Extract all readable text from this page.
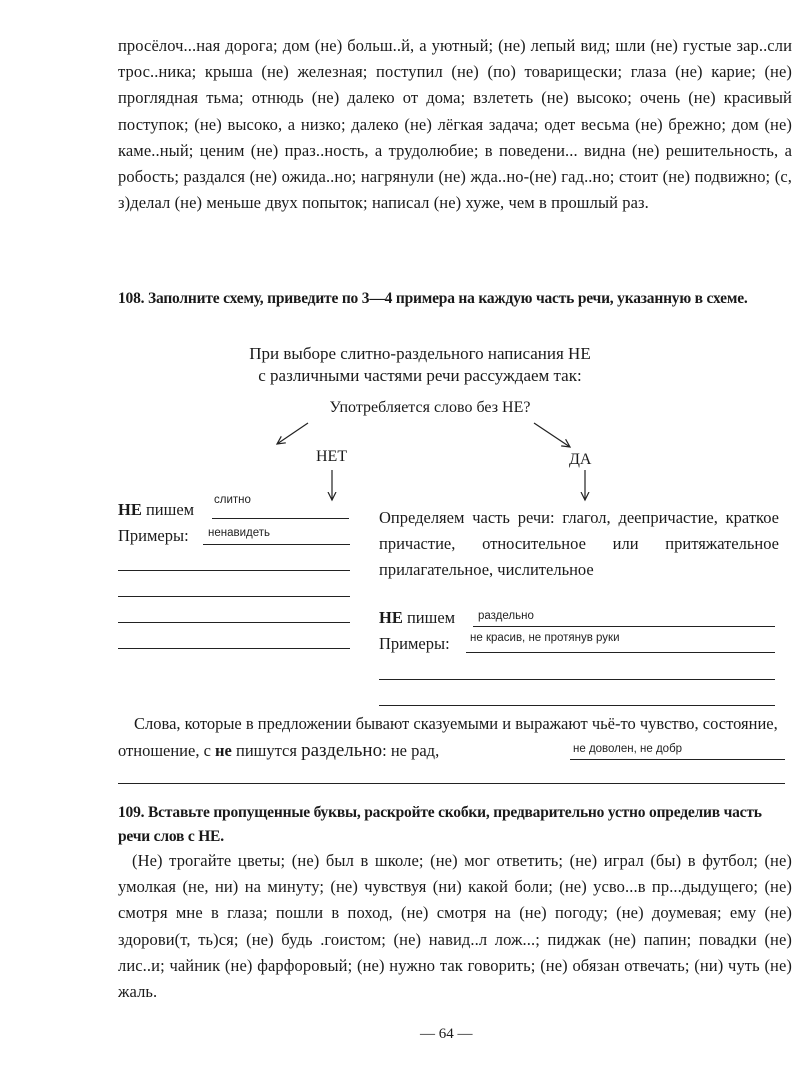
просёлоч...ная дорога; дом (не) больш..й, а уютный; (не) лепый вид; шли (не) густые зар..сли трос..ника; крыша (не) железная; поступил (не) (по) товарищески; глаза (не) карие; (не) проглядная тьма; отнюдь (не) далеко от дома; взлететь (не) высоко; очень (не) красивый поступок; (не) высоко, а низко; далеко (не) лёгкая задача; одет весьма (не) брежно; дом (не) каме..ный; ценим (не) праз..ность, а трудолюбие; в поведени... видна (не) решительность, а робость; раздался (не) ожида..но; нагрянули (не) жда..но-(не) гад..но; стоит (не) подвижно; (с, з)делал (не) меньше двух попыток; написал (не) хуже, чем в прошлый раз.
108. Заполните схему, приведите по 3—4 примера на каждую часть речи, указанную в схеме.
При выборе слитно-раздельного написания НЕ
с различными частями речи рассуждаем так:
Употребляется слово без НЕ?
НЕТ	ДА
НЕ
пишем слитно
Примеры: ненавидеть
Определяем часть речи: глагол, деепричастие, краткое причастие, относительное или притяжательное прилагательное, числительное
НЕ
пишем раздельно
Примеры: не красив, не протянув руки
Слова, которые в предложении бывают сказуемыми и выражают чьё-то чувство, состояние, отношение, с не пишутся раздельно: не рад,	не доволен, не добр
109. Вставьте пропущенные буквы, раскройте скобки, предварительно устно определив часть речи слов с НЕ.
(Не) трогайте цветы; (не) был в школе; (не) мог ответить; (не) играл (бы) в футбол; (не) умолкая (не, ни) на минуту; (не) чувствуя (ни) какой боли; (не) усво...в пр...дыдущего; (не) смотря мне в глаза; пошли в поход, (не) смотря на (не) погоду; (не) доумевая; ему (не) здорови(т, ть)ся; (не) будь .гоистом; (не) навид..л лож...; пиджак (не) папин; повадки (не) лис..и; чайник (не) фарфоровый; (не) нужно так говорить; (не) обязан отвечать; (ни) чуть (не) жаль.
— 64 —
